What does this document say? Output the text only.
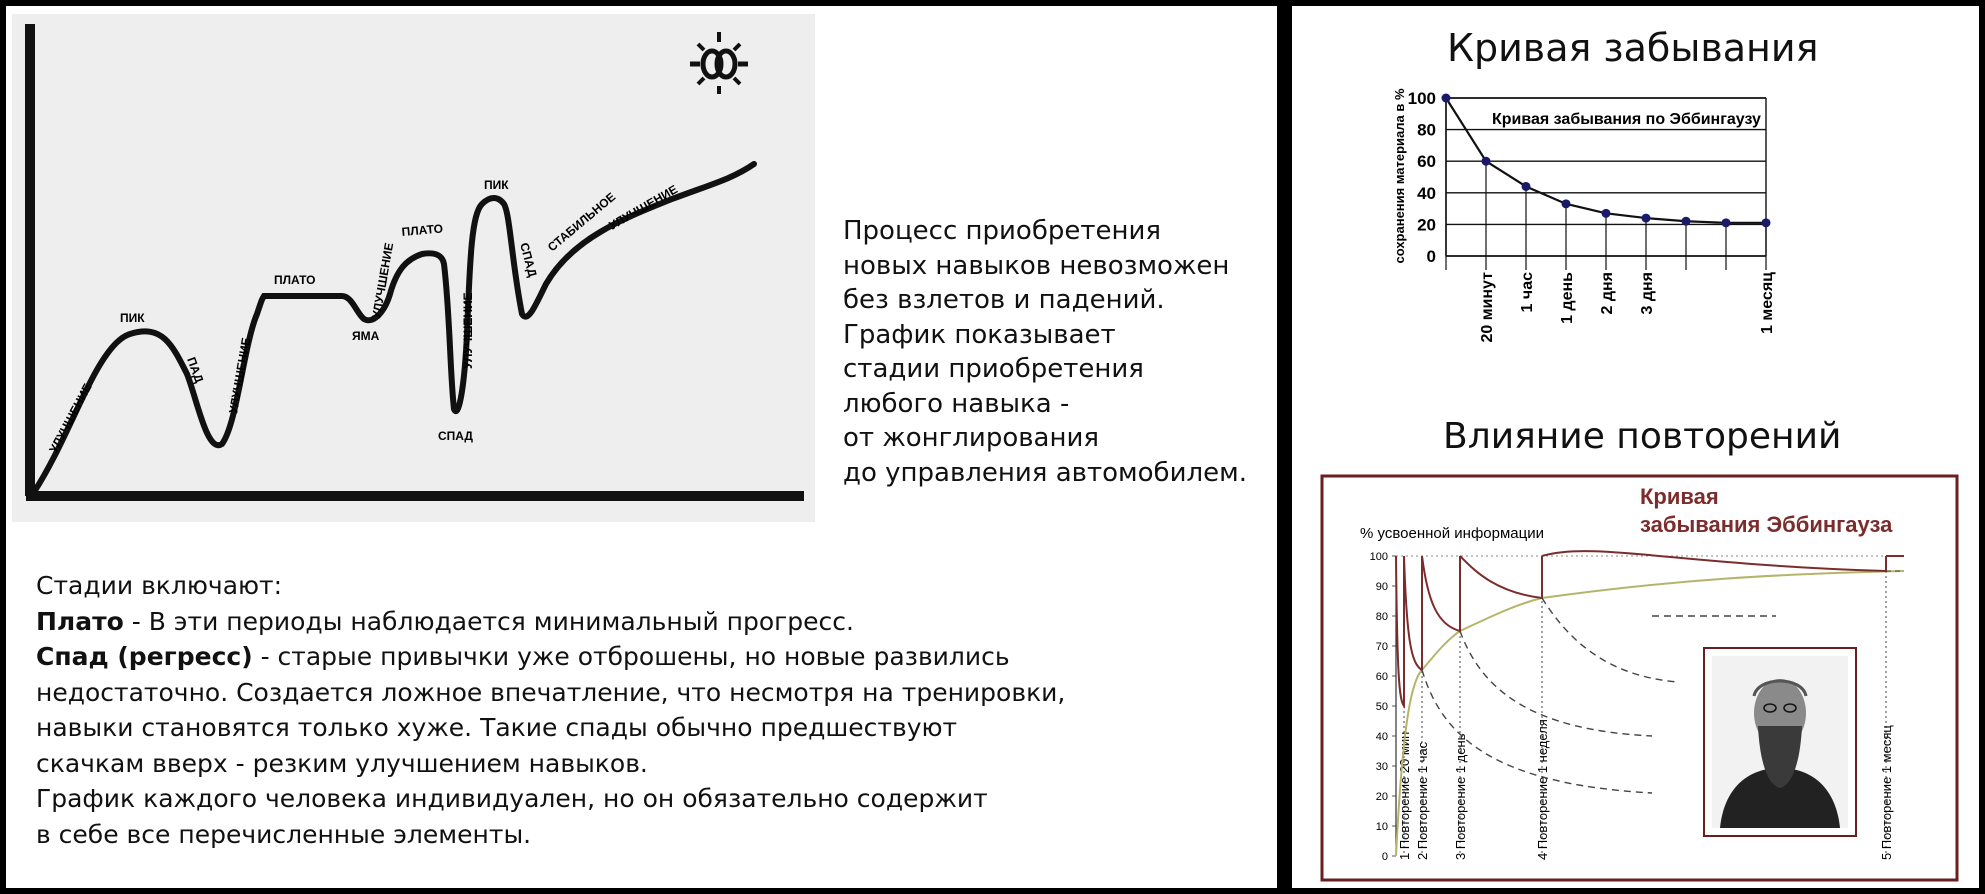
УЛУЧШЕНИЕ
ПИК
ПАД УЛУЧШЕНИЕ
ПЛАТО
ЯМА
УЛУЧШЕНИЕ
ПЛАТО
СПАД
УЛУЧШЕНИЕ
ПИК
СПАД
СТАБИЛЬНОЕ
УЛУЧШЕНИЕ	Процесс приобретения
новых навыков невозможен
без взлетов и падений.
График показывает
стадии приобретения
любого навыка -
от жонглирования
до управления автомобилем.
Стадии включают:
Плато - В эти периоды наблюдается минимальный прогресс.
Спад (регресс) - старые привычки уже отброшены, но новые развились
недостаточно. Создается ложное впечатление, что несмотря на тренировки,
навыки становятся только хуже. Такие спады обычно предшествуют
скачкам вверх - резким улучшением навыков.
График каждого человека индивидуален, но он обязательно содержит
в себе все перечисленные элементы.
Кривая забывания
0
20
40
60
80
100
Кривая забывания по Эббингаузу
сохранения материала в %
20 минут 1 час 1 день 2 дня 3 дня	1 месяц
Влияние повторений
0
10
20
30
40
50
60
70
80
90
100
% усвоенной информации
Кривая
забывания Эббингауза
1 Повторение 20 мин 2 Повторение 1 час 3 Повторение 1 день	4 Повторение 1 неделя	5 Повторение 1 месяц
